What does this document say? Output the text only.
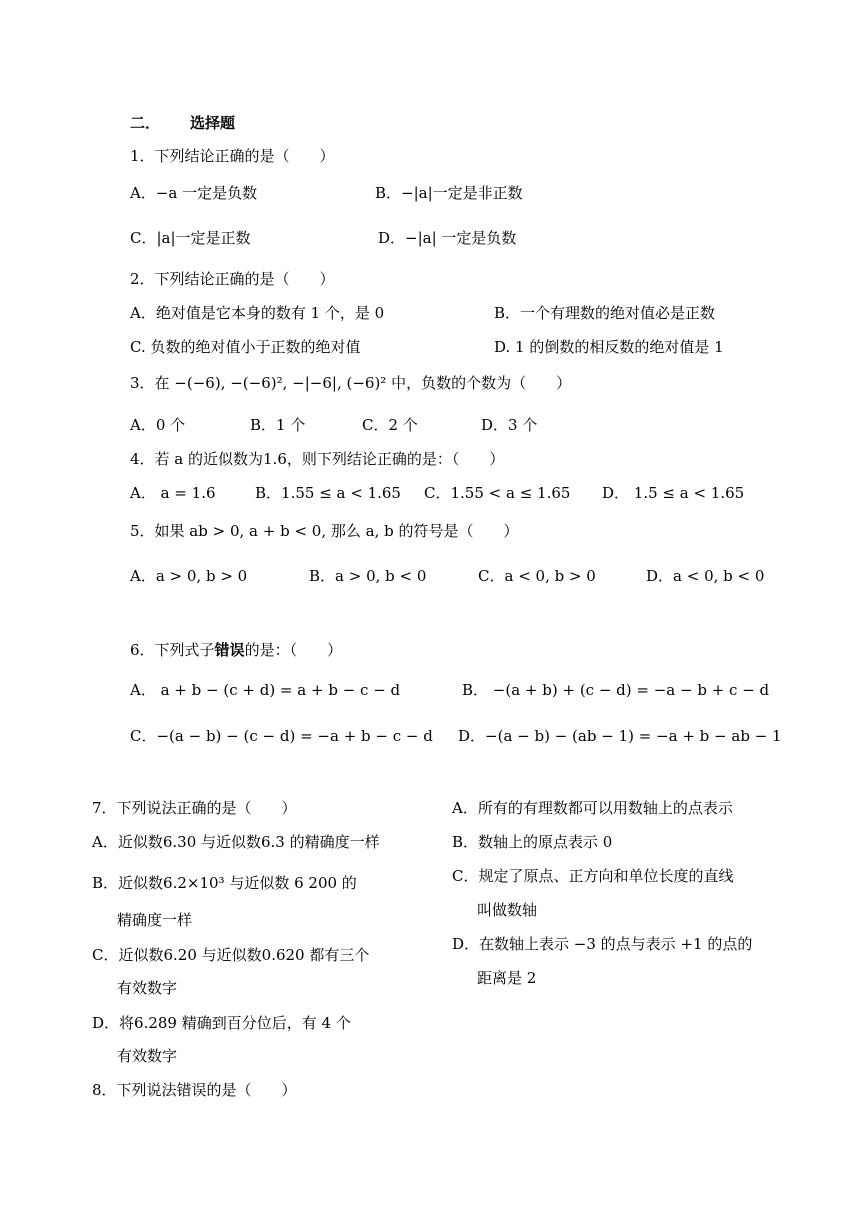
二． 选择题
1．下列结论正确的是（　　）
A．−a 一定是负数	B．−|a|一定是非正数
C．|a|一定是正数	D．−|a| 一定是负数
2．下列结论正确的是（　　）
A．绝对值是它本身的数有 1 个，是 0	B．一个有理数的绝对值必是正数
C. 负数的绝对值小于正数的绝对值	D. 1 的倒数的相反数的绝对值是 1
3．在 −(−6), −(−6)², −|−6|, (−6)² 中，负数的个数为（　　）
A．0 个	B．1 个	C．2 个	D．3 个
4．若 a 的近似数为1.6，则下列结论正确的是：（　　）
A． a = 1.6	B．1.55 ≤ a < 1.65 C．1.55 < a ≤ 1.65 D． 1.5 ≤ a < 1.65
5．如果 ab > 0, a + b < 0, 那么 a, b 的符号是（　　）
A．a > 0, b > 0	B．a > 0, b < 0	C．a < 0, b > 0	D．a < 0, b < 0
6．下列式子错误的是：（　　）
A． a + b − (c + d) = a + b − c − d	B． −(a + b) + (c − d) = −a − b + c − d
C．−(a − b) − (c − d) = −a + b − c − d D．−(a − b) − (ab − 1) = −a + b − ab − 1
7．下列说法正确的是（　　）
A．近似数6.30 与近似数6.3 的精确度一样
B．近似数6.2×10³ 与近似数 6 200 的
精确度一样
C．近似数6.20 与近似数0.620 都有三个
有效数字
D．将6.289 精确到百分位后，有 4 个
有效数字
8．下列说法错误的是（　　）
A．所有的有理数都可以用数轴上的点表示
B．数轴上的原点表示 0
C．规定了原点、正方向和单位长度的直线
叫做数轴
D．在数轴上表示 −3 的点与表示 +1 的点的
距离是 2
